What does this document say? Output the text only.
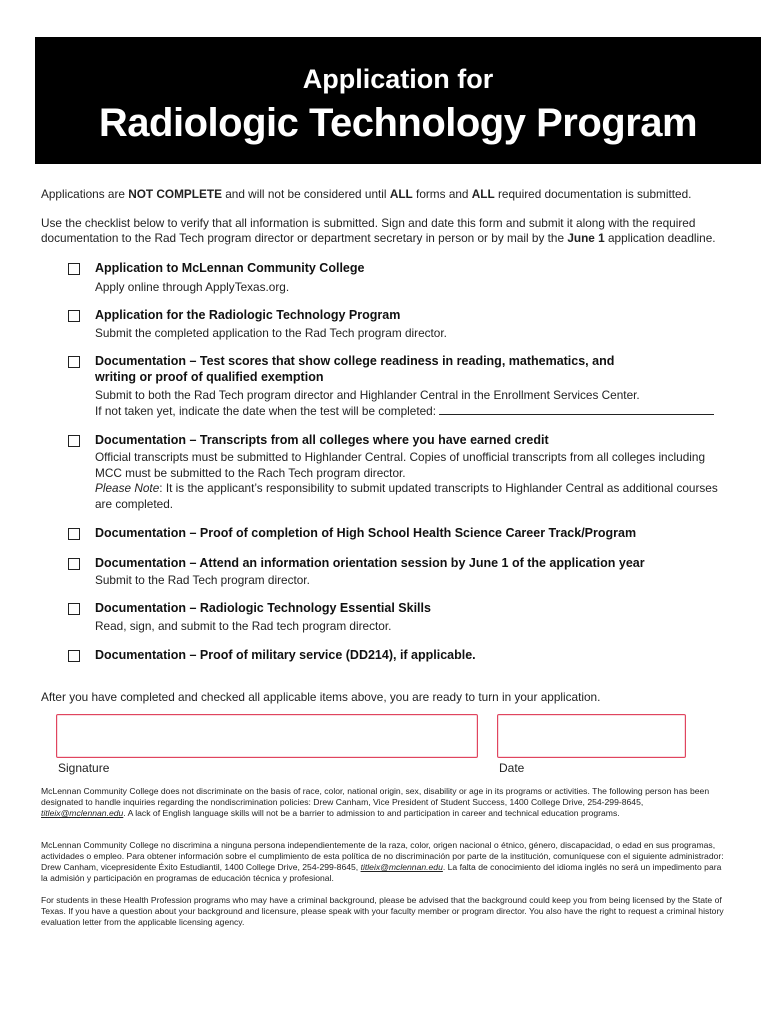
Application for
Radiologic Technology Program
Applications are NOT COMPLETE and will not be considered until ALL forms and ALL required documentation is submitted.
Use the checklist below to verify that all information is submitted. Sign and date this form and submit it along with the required
documentation to the Rad Tech program director or department secretary in person or by mail by the June 1 application deadline.
Application to McLennan Community College
Apply online through ApplyTexas.org.
Application for the Radiologic Technology Program
Submit the completed application to the Rad Tech program director.
Documentation – Test scores that show college readiness in reading, mathematics, and
writing or proof of qualified exemption
Submit to both the Rad Tech program director and Highlander Central in the Enrollment Services Center.
If not taken yet, indicate the date when the test will be completed:
Documentation – Transcripts from all colleges where you have earned credit
Official transcripts must be submitted to Highlander Central. Copies of unofficial transcripts from all colleges including
MCC must be submitted to the Rach Tech program director.
Please Note: It is the applicant’s responsibility to submit updated transcripts to Highlander Central as additional courses
are completed.
Documentation – Proof of completion of High School Health Science Career Track/Program
Documentation – Attend an information orientation session by June 1 of the application year
Submit to the Rad Tech program director.
Documentation – Radiologic Technology Essential Skills
Read, sign, and submit to the Rad tech program director.
Documentation – Proof of military service (DD214), if applicable.
After you have completed and checked all applicable items above, you are ready to turn in your application.
Signature	Date
McLennan Community College does not discriminate on the basis of race, color, national origin, sex, disability or age in its programs or activities. The following person has been designated to handle inquiries regarding the nondiscrimination policies: Drew Canham, Vice President of Student Success, 1400 College Drive, 254-299-8645, titleix@mclennan.edu. A lack of English language skills will not be a barrier to admission to and participation in career and technical education programs.
McLennan Community College no discrimina a ninguna persona independientemente de la raza, color, origen nacional o étnico, género, discapacidad, o edad en sus programas, actividades o empleo. Para obtener información sobre el cumplimiento de esta política de no discriminación por parte de la institución, comuníquese con el siguiente administrador: Drew Canham, vicepresidente Éxito Estudiantil, 1400 College Drive, 254-299-8645, titleix@mclennan.edu. La falta de conocimiento del idioma inglés no será un impedimento para la admisión y participación en programas de educación técnica y profesional.
For students in these Health Profession programs who may have a criminal background, please be advised that the background could keep you from being licensed by the State of Texas. If you have a question about your background and licensure, please speak with your faculty member or program director. You also have the right to request a criminal history evaluation letter from the applicable licensing agency.
